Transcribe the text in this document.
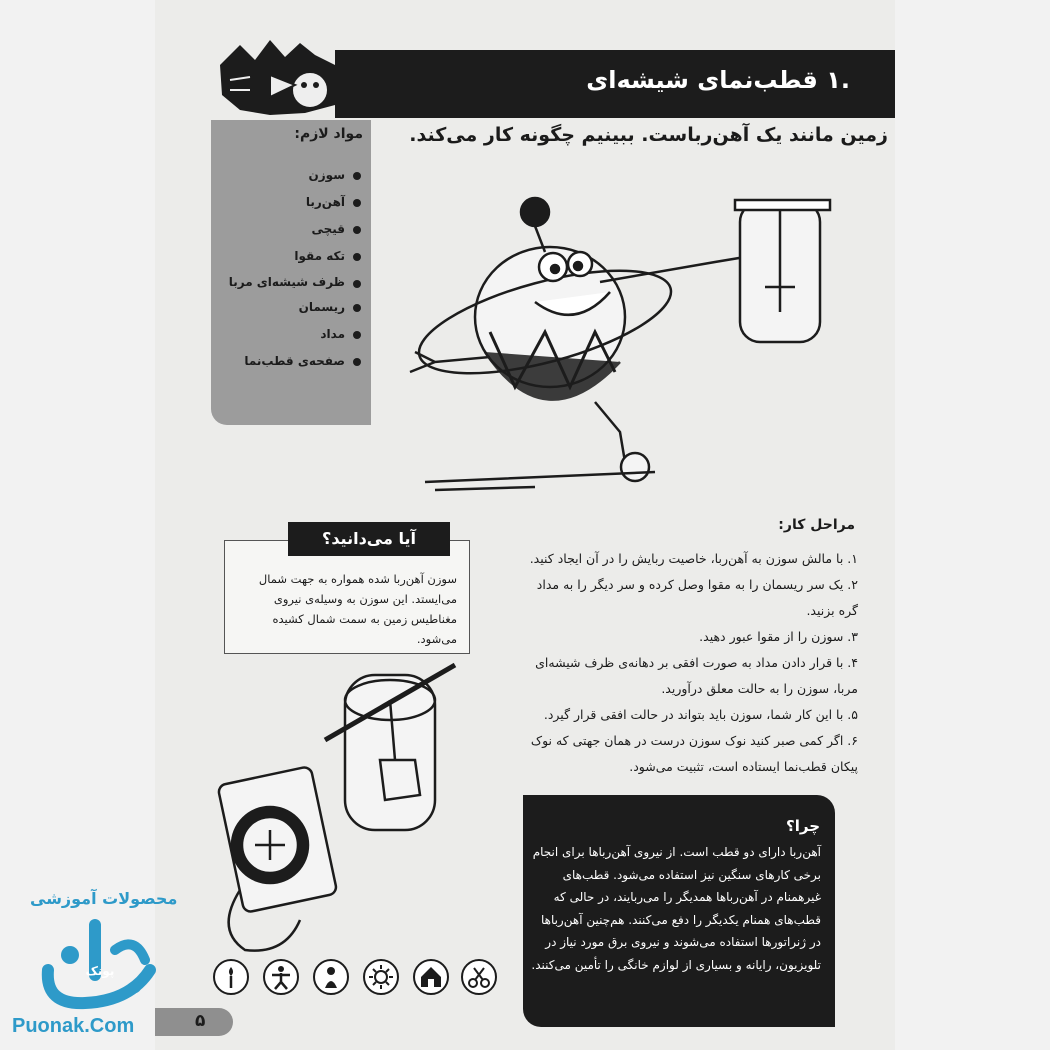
.۱ قطب‌نمای شیشه‌ای
زمین مانند یک آهن‌رباست. ببینیم چگونه کار می‌کند.
مواد لازم:
سوزن
آهن‌ربا
قیچی
تکه مقوا
ظرف شیشه‌ای مربا
ریسمان
مداد
صفحه‌ی قطب‌نما
سوزن آهن‌ربا شده همواره به جهت شمال می‌ایستد. این سوزن به وسیله‌ی نیروی مغناطیس زمین به سمت شمال کشیده می‌شود.
آیا می‌دانید؟
مراحل کار:
۱. با مالش سوزن به آهن‌ربا، خاصیت ربایش را در آن ایجاد کنید.
۲. یک سر ریسمان را به مقوا وصل کرده و سر دیگر را به مداد گره بزنید.
۳. سوزن را از مقوا عبور دهید.
۴. با قرار دادن مداد به صورت افقی بر دهانه‌ی ظرف شیشه‌ای مربا، سوزن را به حالت معلق درآورید.
۵. با این کار شما، سوزن باید بتواند در حالت افقی قرار گیرد.
۶. اگر کمی صبر کنید نوک سوزن درست در همان جهتی که نوک پیکان قطب‌نما ایستاده است، تثبیت می‌شود.
چرا؟
آهن‌ربا دارای دو قطب است. از نیروی آهن‌رباها برای انجام برخی کارهای سنگین نیز استفاده می‌شود. قطب‌های غیرهمنام در آهن‌رباها همدیگر را می‌ربایند، در حالی که قطب‌های همنام یکدیگر را دفع می‌کنند. هم‌چنین آهن‌رباها در ژنراتورها استفاده می‌شوند و نیروی برق مورد نیاز در تلویزیون، رایانه و بسیاری از لوازم خانگی را تأمین می‌کنند.
۵
محصولات آموزشی
پونک
Puonak.Com
